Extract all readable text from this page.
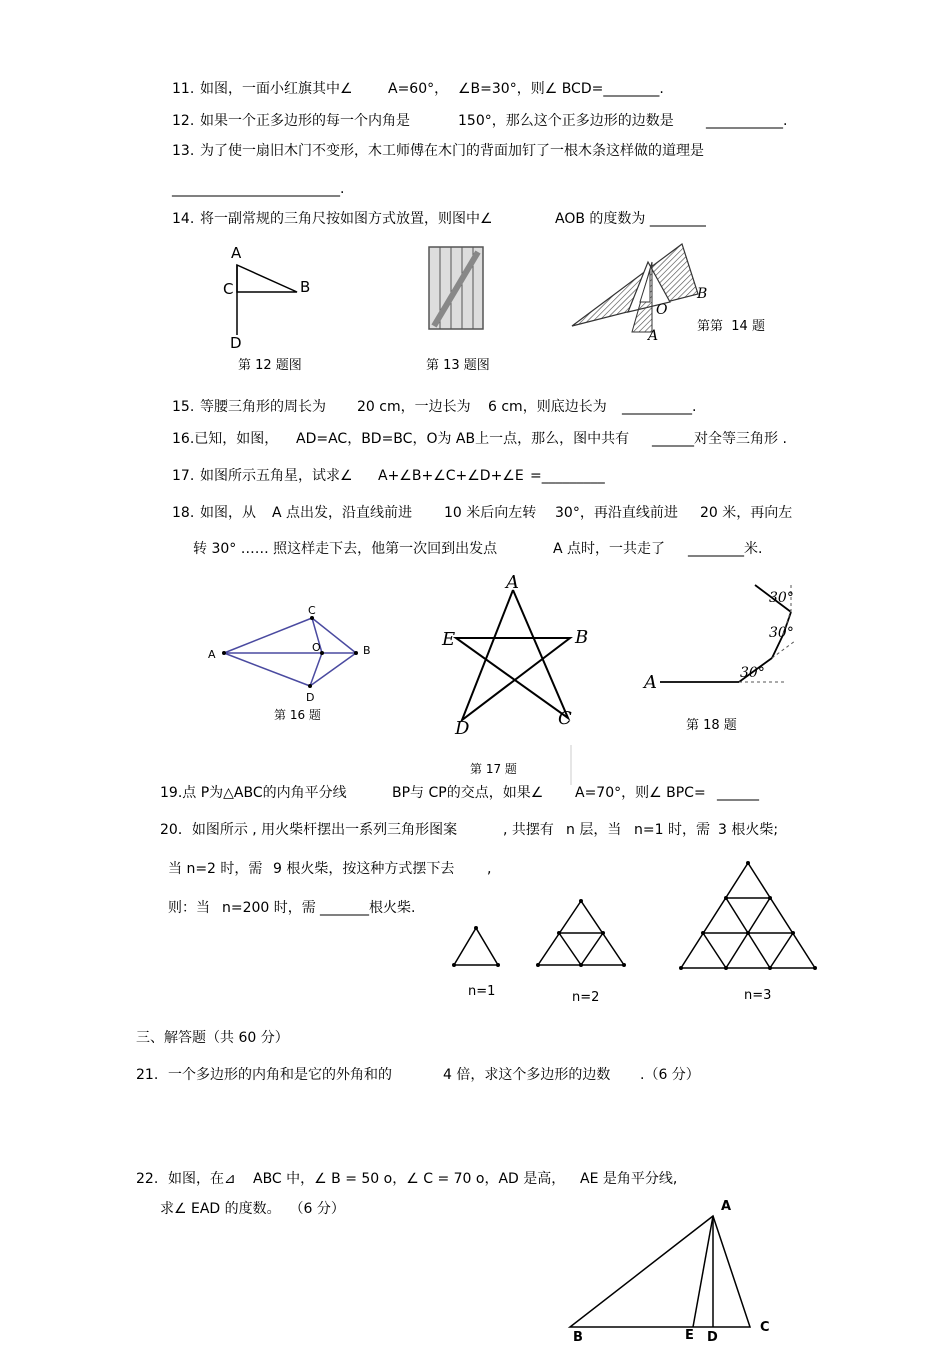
11. 如图，一面小红旗其中∠	A=60°， ∠B=30°，则∠ BCD=________.
12. 如果一个正多边形的每一个内角是	150°，那么这个正多边形的边数是 ___________.
13. 为了使一扇旧木门不变形，木工师傅在木门的背面加钉了一根木条这样做的道理是
________________________.
14. 将一副常规的三角尺按如图方式放置，则图中∠	AOB 的度数为 ________
A
C	B
D
第 12 题图	第 13 题图
B
O
A
第第  14 题
15. 等腰三角形的周长为 20 cm，一边长为 6 cm，则底边长为 __________.
16.已知，如图， AD=AC，BD=BC，O为 AB上一点，那么，图中共有 ______对全等三角形 .
17. 如图所示五角星，试求∠ A+∠B+∠C+∠D+∠E =_________
18. 如图，从 A 点出发，沿直线前进 10 米后向左转 30°，再沿直线前进 20 米，再向左
转 30° …… 照这样走下去，他第一次回到出发点	A 点时，一共走了 ________米.
A
C
O	B
D
第 16 题
A
E	B
D	C
第 17 题
A
30°
30°
30°
第 18 题
19.点 P为△ABC的内角平分线	BP与 CP的交点，如果∠ A=70°，则∠ BPC= ______
20．如图所示 , 用火柴杆摆出一系列三角形图案	, 共摆有 n 层，当 n=1 时，需 3 根火柴;
当 n=2 时，需 9 根火柴，按这种方式摆下去 ,
则：当 n=200 时，需 _______根火柴.
n=1	n=2	n=3
三、解答题（共 60 分）
21. 一个多边形的内角和是它的外角和的	4 倍，求这个多边形的边数 .（6 分）
22. 如图，在⊿ ABC 中，∠ B = 50 o，∠ C = 70 o，AD 是高， AE 是角平分线,
求∠ EAD 的度数。  （6 分）	A
B	E D
C
